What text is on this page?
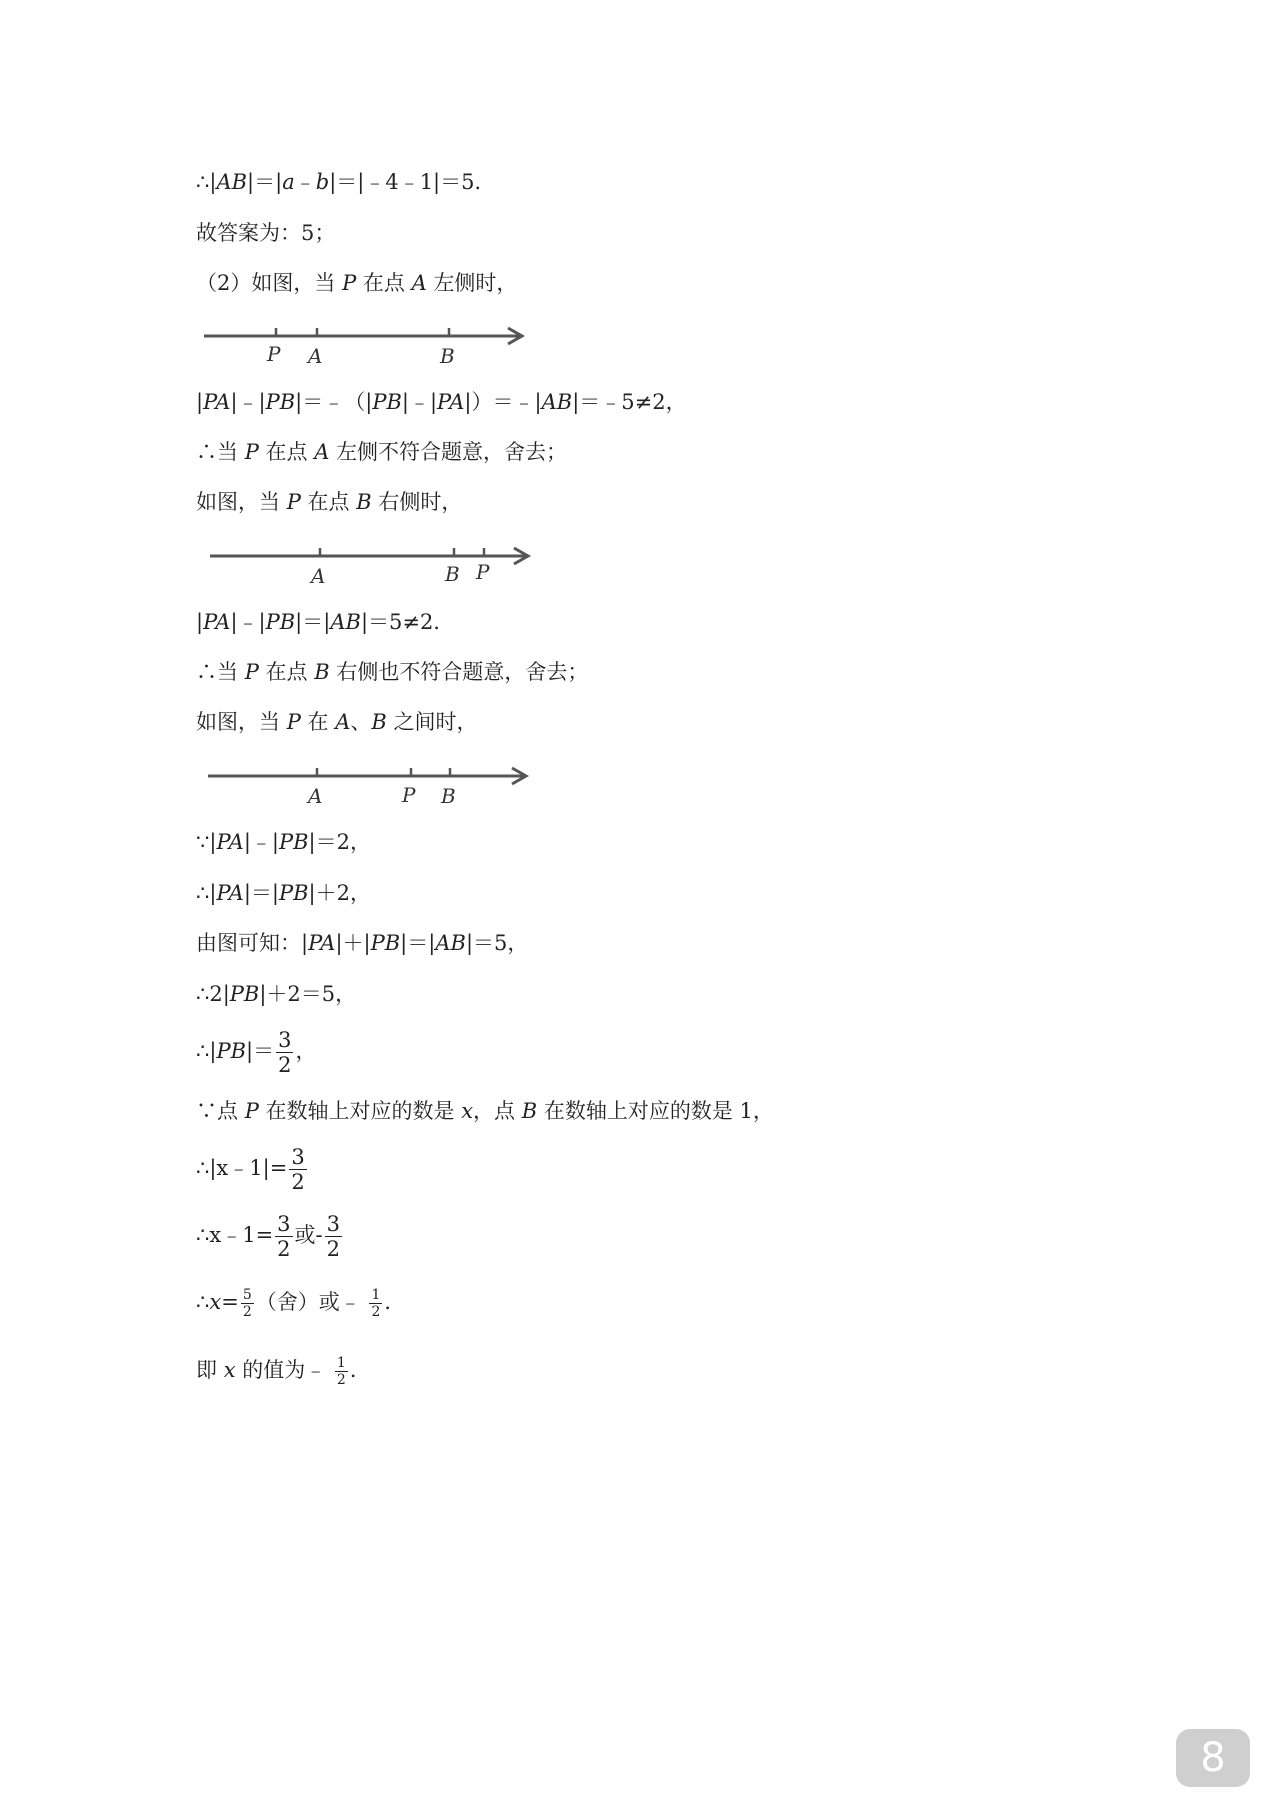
∴|AB|＝|a﹣b|＝|﹣4﹣1|＝5．
故答案为：5；
（2）如图，当 P 在点 A 左侧时，
P A	B
|PA|﹣|PB|＝﹣（|PB|﹣|PA|）＝﹣|AB|＝﹣5≠2，
∴当 P 在点 A 左侧不符合题意，舍去；
如图，当 P 在点 B 右侧时，
A	B P
|PA|﹣|PB|＝|AB|＝5≠2．
∴当 P 在点 B 右侧也不符合题意，舍去；
如图，当 P 在 A、B 之间时，
A	P B
∵|PA|﹣|PB|＝2，
∴|PA|＝|PB|＋2，
由图可知：|PA|＋|PB|＝|AB|＝5，
∴2|PB|＋2＝5，
∴|PB|＝ $\frac{3}{2}$ ，
∵点 P 在数轴上对应的数是 x，点 B 在数轴上对应的数是 1，
∴|x﹣1|= $\frac{3}{2}$
∴x﹣1= $\frac{3}{2}$ 或- $\frac{3}{2}$
∴x= $\frac{5}{2}$ （舍）或﹣ $\frac{1}{2}$ ．
即 x 的值为﹣ $\frac{1}{2}$ ．
8
